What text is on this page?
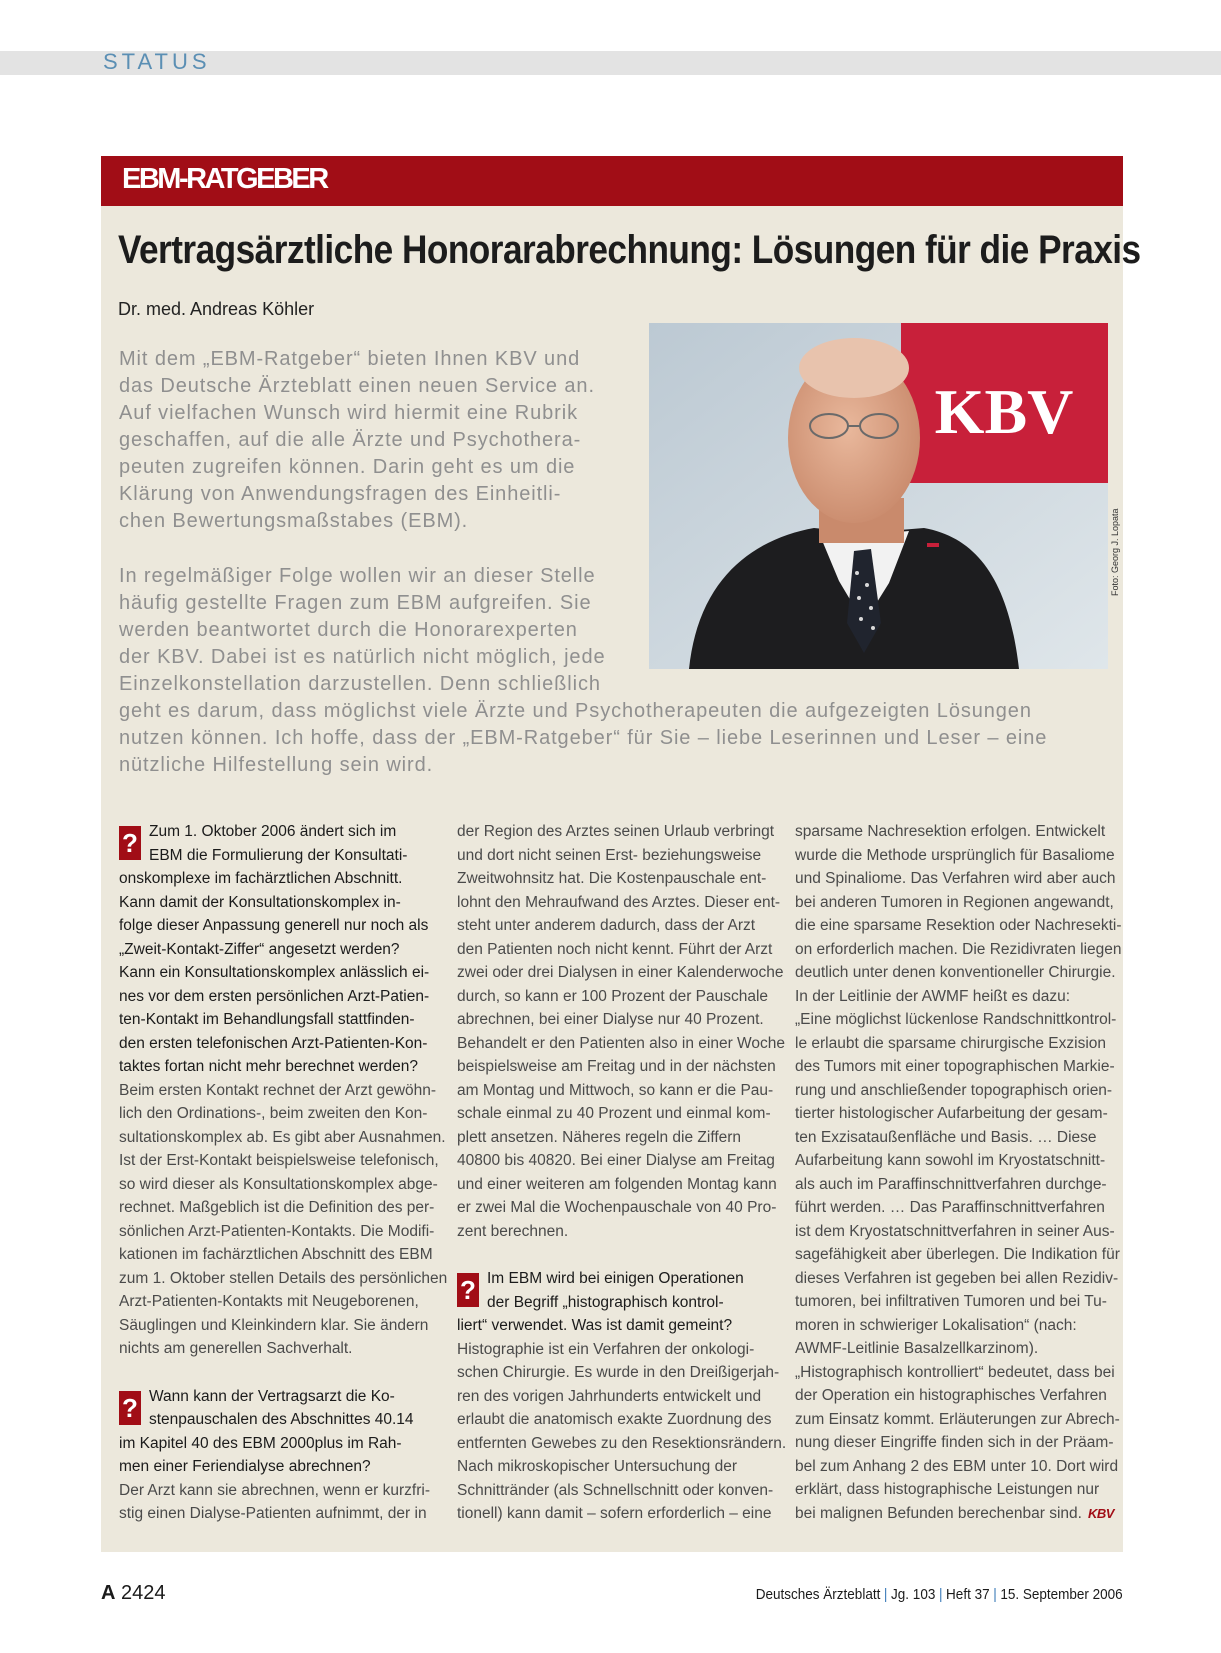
STATUS
EBM-RATGEBER
Vertragsärztliche Honorarabrechnung: Lösungen für die Praxis
Dr. med. Andreas Köhler
Mit dem „EBM-Ratgeber“ bieten Ihnen KBV und
das Deutsche Ärzteblatt einen neuen Service an.
Auf vielfachen Wunsch wird hiermit eine Rubrik
geschaffen, auf die alle Ärzte und Psychothera-
peuten zugreifen können. Darin geht es um die
Klärung von Anwendungsfragen des Einheitli-
chen Bewertungsmaßstabes (EBM).
In regelmäßiger Folge wollen wir an dieser Stelle
häufig gestellte Fragen zum EBM aufgreifen. Sie
werden beantwortet durch die Honorarexperten
der KBV. Dabei ist es natürlich nicht möglich, jede
Einzelkonstellation darzustellen. Denn schließlich
geht es darum, dass möglichst viele Ärzte und Psychotherapeuten die aufgezeigten Lösungen
nutzen können. Ich hoffe, dass der „EBM-Ratgeber“ für Sie – liebe Leserinnen und Leser – eine
nützliche Hilfestellung sein wird.
KBV
Foto: Georg J. Lopata
? Zum 1. Oktober 2006 ändert sich im
EBM die Formulierung der Konsultati-
onskomplexe im fachärztlichen Abschnitt.
Kann damit der Konsultationskomplex in-
folge dieser Anpassung generell nur noch als
„Zweit-Kontakt-Ziffer“ angesetzt werden?
Kann ein Konsultationskomplex anlässlich ei-
nes vor dem ersten persönlichen Arzt-Patien-
ten-Kontakt im Behandlungsfall stattfinden-
den ersten telefonischen Arzt-Patienten-Kon-
taktes fortan nicht mehr berechnet werden?
Beim ersten Kontakt rechnet der Arzt gewöhn-
lich den Ordinations-, beim zweiten den Kon-
sultationskomplex ab. Es gibt aber Ausnahmen.
Ist der Erst-Kontakt beispielsweise telefonisch,
so wird dieser als Konsultationskomplex abge-
rechnet. Maßgeblich ist die Definition des per-
sönlichen Arzt-Patienten-Kontakts. Die Modifi-
kationen im fachärztlichen Abschnitt des EBM
zum 1. Oktober stellen Details des persönlichen
Arzt-Patienten-Kontakts mit Neugeborenen,
Säuglingen und Kleinkindern klar. Sie ändern
nichts am generellen Sachverhalt.
? Wann kann der Vertragsarzt die Ko-
stenpauschalen des Abschnittes 40.14
im Kapitel 40 des EBM 2000plus im Rah-
men einer Feriendialyse abrechnen?
Der Arzt kann sie abrechnen, wenn er kurzfri-
stig einen Dialyse-Patienten aufnimmt, der in
der Region des Arztes seinen Urlaub verbringt
und dort nicht seinen Erst- beziehungsweise
Zweitwohnsitz hat. Die Kostenpauschale ent-
lohnt den Mehraufwand des Arztes. Dieser ent-
steht unter anderem dadurch, dass der Arzt
den Patienten noch nicht kennt. Führt der Arzt
zwei oder drei Dialysen in einer Kalenderwoche
durch, so kann er 100 Prozent der Pauschale
abrechnen, bei einer Dialyse nur 40 Prozent.
Behandelt er den Patienten also in einer Woche
beispielsweise am Freitag und in der nächsten
am Montag und Mittwoch, so kann er die Pau-
schale einmal zu 40 Prozent und einmal kom-
plett ansetzen. Näheres regeln die Ziffern
40800 bis 40820. Bei einer Dialyse am Freitag
und einer weiteren am folgenden Montag kann
er zwei Mal die Wochenpauschale von 40 Pro-
zent berechnen.
? Im EBM wird bei einigen Operationen
der Begriff „histographisch kontrol-
liert“ verwendet. Was ist damit gemeint?
Histographie ist ein Verfahren der onkologi-
schen Chirurgie. Es wurde in den Dreißigerjah-
ren des vorigen Jahrhunderts entwickelt und
erlaubt die anatomisch exakte Zuordnung des
entfernten Gewebes zu den Resektionsrändern.
Nach mikroskopischer Untersuchung der
Schnittränder (als Schnellschnitt oder konven-
tionell) kann damit – sofern erforderlich – eine
sparsame Nachresektion erfolgen. Entwickelt
wurde die Methode ursprünglich für Basaliome
und Spinaliome. Das Verfahren wird aber auch
bei anderen Tumoren in Regionen angewandt,
die eine sparsame Resektion oder Nachresekti-
on erforderlich machen. Die Rezidivraten liegen
deutlich unter denen konventioneller Chirurgie.
In der Leitlinie der AWMF heißt es dazu:
„Eine möglichst lückenlose Randschnittkontrol-
le erlaubt die sparsame chirurgische Exzision
des Tumors mit einer topographischen Markie-
rung und anschließender topographisch orien-
tierter histologischer Aufarbeitung der gesam-
ten Exzisataußenfläche und Basis. … Diese
Aufarbeitung kann sowohl im Kryostatschnitt-
als auch im Paraffinschnittverfahren durchge-
führt werden. … Das Paraffinschnittverfahren
ist dem Kryostatschnittverfahren in seiner Aus-
sagefähigkeit aber überlegen. Die Indikation für
dieses Verfahren ist gegeben bei allen Rezidiv-
tumoren, bei infiltrativen Tumoren und bei Tu-
moren in schwieriger Lokalisation“ (nach:
AWMF-Leitlinie Basalzellkarzinom).
„Histographisch kontrolliert“ bedeutet, dass bei
der Operation ein histographisches Verfahren
zum Einsatz kommt. Erläuterungen zur Abrech-
nung dieser Eingriffe finden sich in der Präam-
bel zum Anhang 2 des EBM unter 10. Dort wird
erklärt, dass histographische Leistungen nur
bei malignen Befunden berechenbar sind. KBV
A 2424	Deutsches Ärzteblatt | Jg. 103 | Heft 37 | 15. September 2006
